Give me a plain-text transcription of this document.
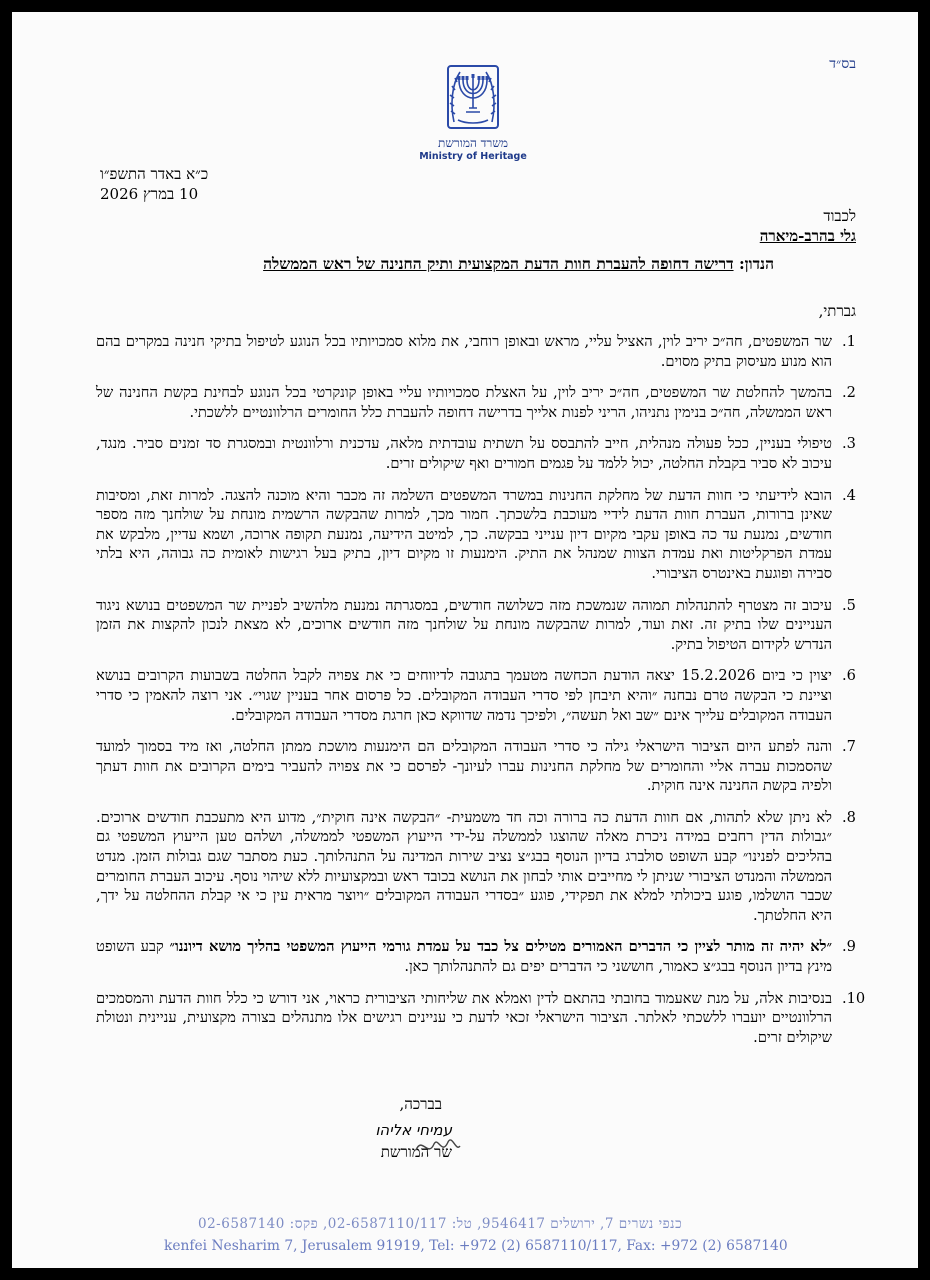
בס״ד
משרד המורשת
Ministry of Heritage
כ״א באדר התשפ״ו
10 במרץ 2026
לכבוד
גלי בהרב-מיארה
הנדון: דרישה דחופה להעברת חוות הדעת המקצועית ותיק החנינה של ראש הממשלה
גברתי,
.1
שר המשפטים, חה״כ יריב לוין, האציל עליי, מראש ובאופן רוחבי, את מלוא סמכויותיו בכל הנוגע לטיפול בתיקי חנינה במקרים בהם הוא מנוע מעיסוק בתיק מסוים.
.2
בהמשך להחלטת שר המשפטים, חה״כ יריב לוין, על האצלת סמכויותיו עליי באופן קונקרטי בכל הנוגע לבחינת בקשת החנינה של ראש הממשלה, חה״כ בנימין נתניהו, הריני לפנות אלייך בדרישה דחופה להעברת כלל החומרים הרלוונטיים ללשכתי.
.3
טיפולי בעניין, ככל פעולה מנהלית, חייב להתבסס על תשתית עובדתית מלאה, עדכנית ורלוונטית ובמסגרת סד זמנים סביר. מנגד, עיכוב לא סביר בקבלת החלטה, יכול ללמד על פגמים חמורים ואף שיקולים זרים.
.4
הובא לידיעתי כי חוות הדעת של מחלקת החנינות במשרד המשפטים השלמה זה מכבר והיא מוכנה להצגה. למרות זאת, ומסיבות שאינן ברורות, העברת חוות הדעת לידיי מעוכבת בלשכתך. חמור מכך, למרות שהבקשה הרשמית מונחת על שולחנך מזה מספר חודשים, נמנעת עד כה באופן עקבי מקיום דיון ענייני בבקשה. כך, למיטב הידיעה, נמנעת תקופה ארוכה, ושמא עדיין, מלבקש את עמדת הפרקליטות ואת עמדת הצוות שמנהל את התיק. הימנעות זו מקיום דיון, בתיק בעל רגישות לאומית כה גבוהה, היא בלתי סבירה ופוגעת באינטרס הציבורי.
.5
עיכוב זה מצטרף להתנהלות תמוהה שנמשכת מזה כשלושה חודשים, במסגרתה נמנעת מלהשיב לפניית שר המשפטים בנושא ניגוד העניינים שלו בתיק זה. זאת ועוד, למרות שהבקשה מונחת על שולחנך מזה חודשים ארוכים, לא מצאת לנכון להקצות את הזמן הנדרש לקידום הטיפול בתיק.
.6
יצוין כי ביום 15.2.2026 יצאה הודעת הכחשה מטעמך בתגובה לדיווחים כי את צפויה לקבל החלטה בשבועות הקרובים בנושא וציינת כי הבקשה טרם נבחנה ״והיא תיבחן לפי סדרי העבודה המקובלים. כל פרסום אחר בעניין שגוי״. אני רוצה להאמין כי סדרי העבודה המקובלים עלייך אינם ״שב ואל תעשה״, ולפיכך נדמה שדווקא כאן חרגת מסדרי העבודה המקובלים.
.7
והנה לפתע היום הציבור הישראלי גילה כי סדרי העבודה המקובלים הם הימנעות מושכת ממתן החלטה, ואז מיד בסמוך למועד שהסמכות עברה אליי והחומרים של מחלקת החנינות עברו לעיונך- לפרסם כי את צפויה להעביר בימים הקרובים את חוות דעתך ולפיה בקשת החנינה אינה חוקית.
.8
לא ניתן שלא לתהות, אם חוות הדעת כה ברורה וכה חד משמעית- ״הבקשה אינה חוקית״, מדוע היא מתעכבת חודשים ארוכים. ״גבולות הדין רחבים במידה ניכרת מאלה שהוצגו לממשלה על-ידי הייעוץ המשפטי לממשלה, ושלהם טען הייעוץ המשפטי גם בהליכים לפנינו״ קבע השופט סולברג בדיון הנוסף בבג״צ נציב שירות המדינה על התנהלותך. כעת מסתבר שגם גבולות הזמן. מנדט הממשלה והמנדט הציבורי שניתן לי מחייבים אותי לבחון את הנושא בכובד ראש ובמקצועיות ללא שיהוי נוסף. עיכוב העברת החומרים שכבר הושלמו, פוגע ביכולתי למלא את תפקידי, פוגע ״בסדרי העבודה המקובלים ״ויוצר מראית עין כי אי קבלת ההחלטה על ידך, היא החלטתך.
.9
״לא יהיה זה מותר לציין כי הדברים האמורים מטילים צל כבד על עמדת גורמי הייעוץ המשפטי בהליך מושא דיוננו״ קבע השופט מינץ בדיון הנוסף בבג״צ כאמור, חוששני כי הדברים יפים גם להתנהלותך כאן.
.10
בנסיבות אלה, על מנת שאעמוד בחובתי בהתאם לדין ואמלא את שליחותי הציבורית כראוי, אני דורש כי כלל חוות הדעת והמסמכים הרלוונטיים יועברו ללשכתי לאלתר. הציבור הישראלי זכאי לדעת כי עניינים רגישים אלו מתנהלים בצורה מקצועית, עניינית ונטולת שיקולים זרים.
בברכה,
עמיחי אליהו
שר המורשת
כנפי נשרים 7, ירושלים 9546417, טל: 02-6587110/117, פקס: 02-6587140
kenfei Nesharim 7, Jerusalem 91919, Tel: +972 (2) 6587110/117, Fax: +972 (2) 6587140
